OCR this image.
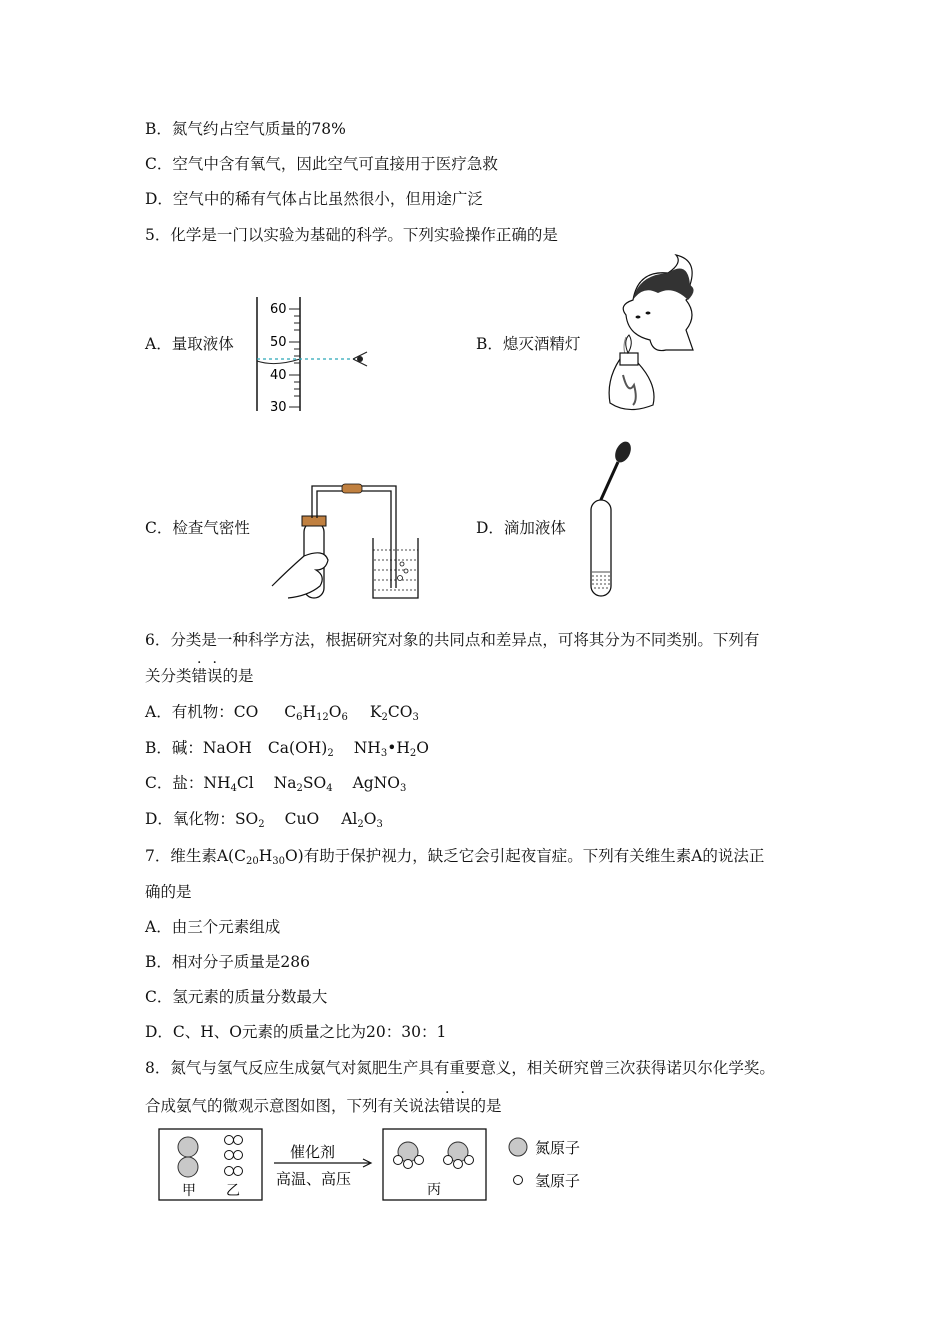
B．氮气约占空气质量的78%
C．空气中含有氧气，因此空气可直接用于医疗急救
D．空气中的稀有气体占比虽然很小，但用途广泛
5．化学是一门以实验为基础的科学。下列实验操作正确的是
A．量取液体	B．熄灭酒精灯
C．检查气密性	D．滴加液体
60
50
40
30
6．分类是一种科学方法，根据研究对象的共同点和差异点，可将其分为不同类别。下列有
关分类错误的是
A．有机物：CO $C_6H_{12}O_6$ $K_2CO_3$
B．碱：NaOH $Ca(OH)_2$ $NH_3•H_2O$
C．盐：$NH_4Cl$ $Na_2SO_4$ AgNO$_3$
D．氧化物：$SO_2$ CuO $Al_2O_3$
7．维生素$A(C_{20}H_{30}O)$有助于保护视力，缺乏它会引起夜盲症。下列有关维生素A的说法正
确的是
A．由三个元素组成
B．相对分子质量是286
C．氢元素的质量分数最大
D．C、H、O元素的质量之比为20：30：1
8．氮气与氢气反应生成氨气对氮肥生产具有重要意义，相关研究曾三次获得诺贝尔化学奖。
合成氨气的微观示意图如图，下列有关说法错误的是
甲 乙
催化剂
高温、高压
丙
氮原子
氢原子
